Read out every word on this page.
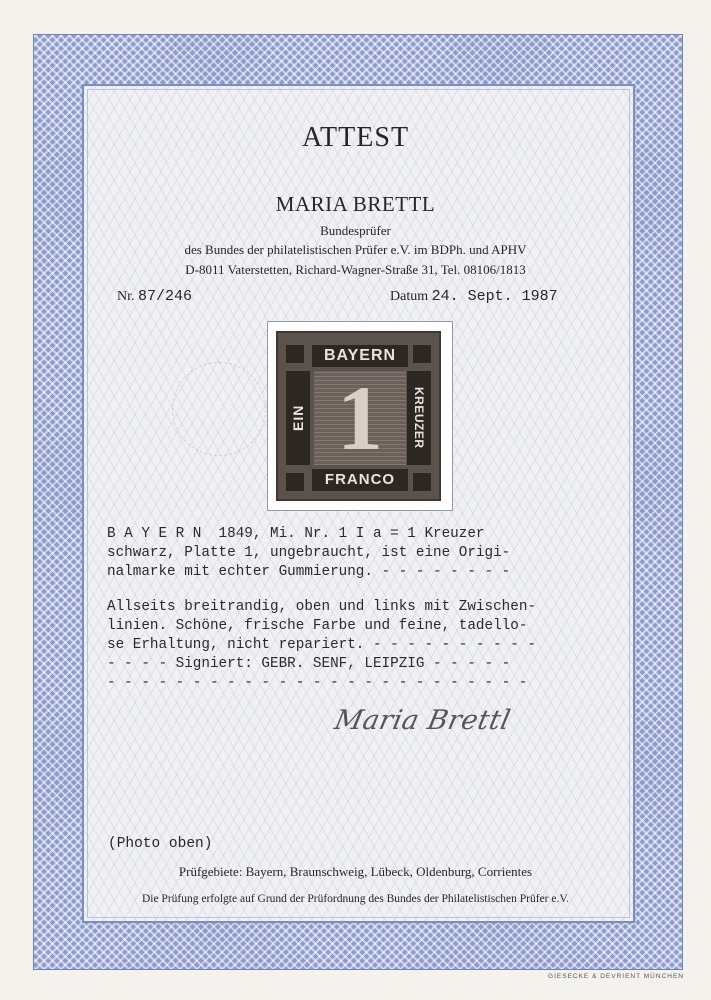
ATTEST
MARIA BRETTL
Bundesprüfer
des Bundes der philatelistischen Prüfer e.V. im BDPh. und APHV
D-8011 Vaterstetten, Richard-Wagner-Straße 31, Tel. 08106/1813
Nr. 87/246	Datum 24. Sept. 1987
BAYERN
EIN 1	KREUZER
FRANCO
B A Y E R N  1849, Mi. Nr. 1 I a = 1 Kreuzer
schwarz, Platte 1, ungebraucht, ist eine Origi-
nalmarke mit echter Gummierung. - - - - - - - -
Allseits breitrandig, oben und links mit Zwischen-
linien. Schöne, frische Farbe und feine, tadello-
se Erhaltung, nicht repariert. - - - - - - - - - -
- - - - Signiert: GEBR. SENF, LEIPZIG - - - - -
- - - - - - - - - - - - - - - - - - - - - - - - -
Maria Brettl
(Photo oben)
Prüfgebiete: Bayern, Braunschweig, Lübeck, Oldenburg, Corrientes
Die Prüfung erfolgte auf Grund der Prüfordnung des Bundes der Philatelistischen Prüfer e.V.
GIESECKE & DEVRIENT MÜNCHEN
